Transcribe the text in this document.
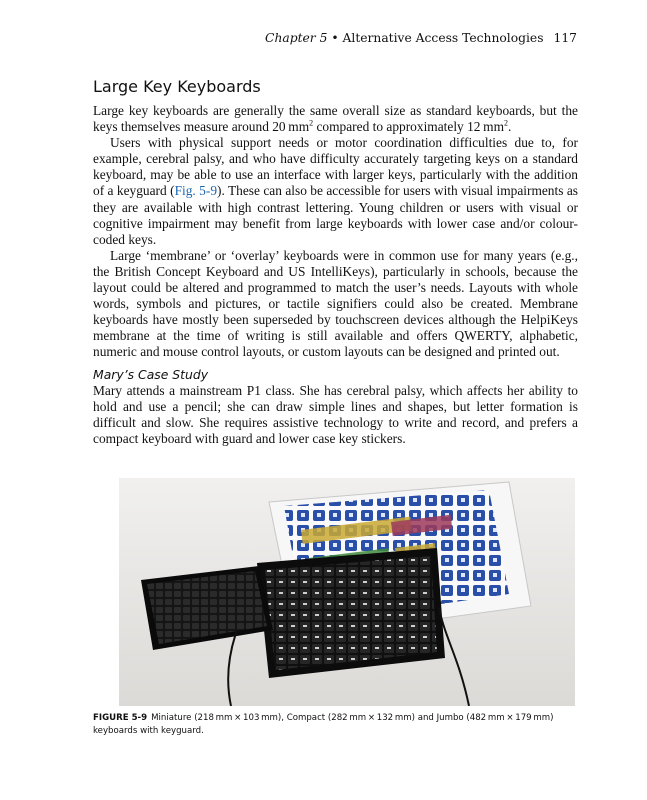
Chapter 5 • Alternative Access Technologies 117
Large Key Keyboards

Large key keyboards are generally the same overall size as standard keyboards, but the keys themselves measure around 20 $mm^2$ compared to approximately 12 $mm^2$.

Users with physical support needs or motor coordination difficulties due to, for example, cerebral palsy, and who have difficulty accurately targeting keys on a standard keyboard, may be able to use an interface with larger keys, particularly with the addition of a keyguard (Fig. 5-9). These can also be accessible for users with visual impairments as they are available with high contrast lettering. Young children or users with visual or cognitive impairment may benefit from large keyboards with lower case and/or colour-coded keys.

Large ‘membrane’ or ‘overlay’ keyboards were in common use for many years (e.g., the British Concept Keyboard and US IntelliKeys), particularly in schools, because the layout could be altered and programmed to match the user’s needs. Layouts with whole words, symbols and pictures, or tactile signifiers could also be created. Membrane keyboards have mostly been superseded by touchscreen devices although the HelpiKeys membrane at the time of writing is still available and offers QWERTY, alphabetic, numeric and mouse control layouts, or custom layouts can be designed and printed out.

Mary’s Case Study

Mary attends a mainstream P1 class. She has cerebral palsy, which affects her ability to hold and use a pencil; she can draw simple lines and shapes, but letter formation is difficult and slow. She requires assistive technology to write and record, and prefers a compact keyboard with guard and lower case key stickers.

FIGURE 5-9 Miniature (218 mm × 103 mm), Compact (282 mm × 132 mm) and Jumbo (482 mm × 179 mm) keyboards with keyguard.
